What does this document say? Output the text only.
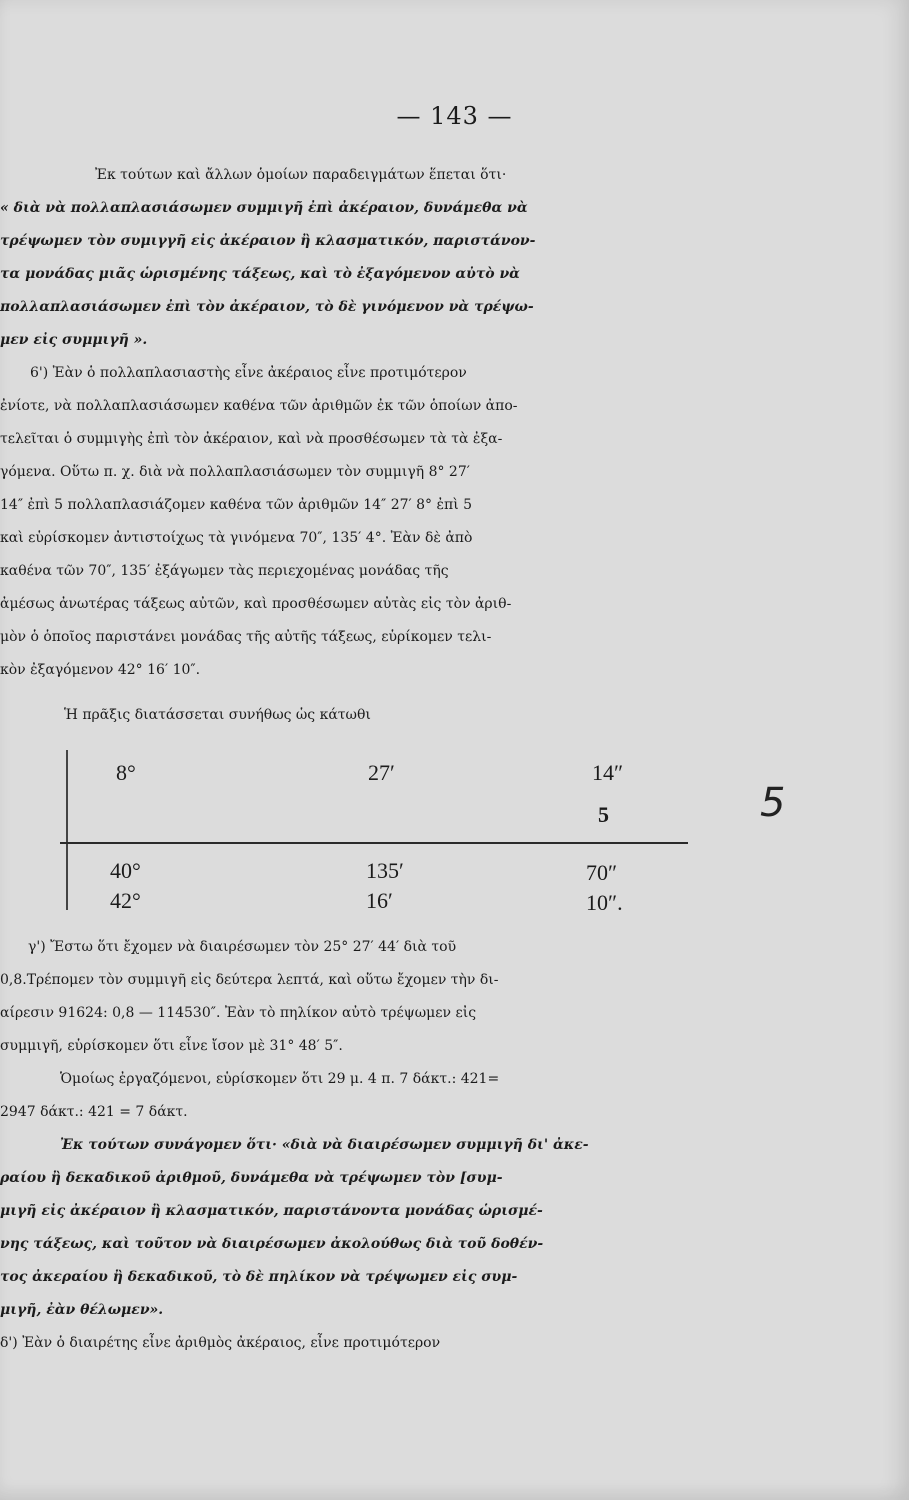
— 143 —
Ἐκ τούτων καὶ ἄλλων ὁμοίων παραδειγμάτων ἕπεται ὅτι·
« διὰ νὰ πολλαπλασιάσωμεν συμμιγῆ ἐπὶ ἀκέραιον, δυνάμεθα νὰ
τρέψωμεν τὸν συμιγγῆ εἰς ἀκέραιον ἢ κλασματικόν, παριστάνον-
τα μονάδας μιᾶς ὡρισμένης τάξεως, καὶ τὸ ἐξαγόμενον αὐτὸ νὰ
πολλαπλασιάσωμεν ἐπὶ τὸν ἀκέραιον, τὸ δὲ γινόμενον νὰ τρέψω-
μεν εἰς συμμιγῆ ».
6') Ἐὰν ὁ πολλαπλασιαστὴς εἶνε ἀκέραιος εἶνε προτιμότερον
ἐνίοτε, νὰ πολλαπλασιάσωμεν καθένα τῶν ἀριθμῶν ἐκ τῶν ὁποίων ἀπο-
τελεῖται ὁ συμμιγὴς ἐπὶ τὸν ἀκέραιον, καὶ νὰ προσθέσωμεν τὰ τὰ ἐξα-
γόμενα. Οὕτω π. χ. διὰ νὰ πολλαπλασιάσωμεν τὸν συμμιγῆ 8° 27′
14″ ἐπὶ 5 πολλαπλασιάζομεν καθένα τῶν ἀριθμῶν 14″ 27′ 8° ἐπὶ 5
καὶ εὑρίσκομεν ἀντιστοίχως τὰ γινόμενα 70″, 135′ 4°. Ἐὰν δὲ ἀπὸ
καθένα τῶν 70″, 135′ ἐξάγωμεν τὰς περιεχομένας μονάδας τῆς
ἀμέσως ἀνωτέρας τάξεως αὐτῶν, καὶ προσθέσωμεν αὐτὰς εἰς τὸν ἀριθ-
μὸν ὁ ὁποῖος παριστάνει μονάδας τῆς αὐτῆς τάξεως, εὑρίκομεν τελι-
κὸν ἐξαγόμενον 42° 16′ 10″.
Ἡ πρᾶξις διατάσσεται συνήθως ὡς κάτωθι
8°	27′	14″
5
40°	135′	70″
42°	16′	10″.
5
γ') Ἔστω ὅτι ἔχομεν νὰ διαιρέσωμεν τὸν 25° 27′ 44′ διὰ τοῦ
0,8.Τρέπομεν τὸν συμμιγῆ εἰς δεύτερα λεπτά, καὶ οὕτω ἔχομεν τὴν δι-
αίρεσιν 91624: 0,8 — 114530″. Ἐὰν τὸ πηλίκον αὐτὸ τρέψωμεν εἰς
συμμιγῆ, εὑρίσκομεν ὅτι εἶνε ἴσον μὲ 31° 48′ 5″.
Ὁμοίως ἐργαζόμενοι, εὑρίσκομεν ὅτι 29 μ. 4 π. 7 δάκτ.: 421=
2947 δάκτ.: 421 = 7 δάκτ.
Ἐκ τούτων συνάγομεν ὅτι· «διὰ νὰ διαιρέσωμεν συμμιγῆ δι' ἀκε-
ραίου ἢ δεκαδικοῦ ἀριθμοῦ, δυνάμεθα νὰ τρέψωμεν τὸν [συμ-
μιγῆ εἰς ἀκέραιον ἢ κλασματικόν, παριστάνοντα μονάδας ὡρισμέ-
νης τάξεως, καὶ τοῦτον νὰ διαιρέσωμεν ἀκολούθως διὰ τοῦ δοθέν-
τος ἀκεραίου ἢ δεκαδικοῦ, τὸ δὲ πηλίκον νὰ τρέψωμεν εἰς συμ-
μιγῆ, ἐὰν θέλωμεν».
δ') Ἐὰν ὁ διαιρέτης εἶνε ἀριθμὸς ἀκέραιος, εἶνε προτιμότερον
